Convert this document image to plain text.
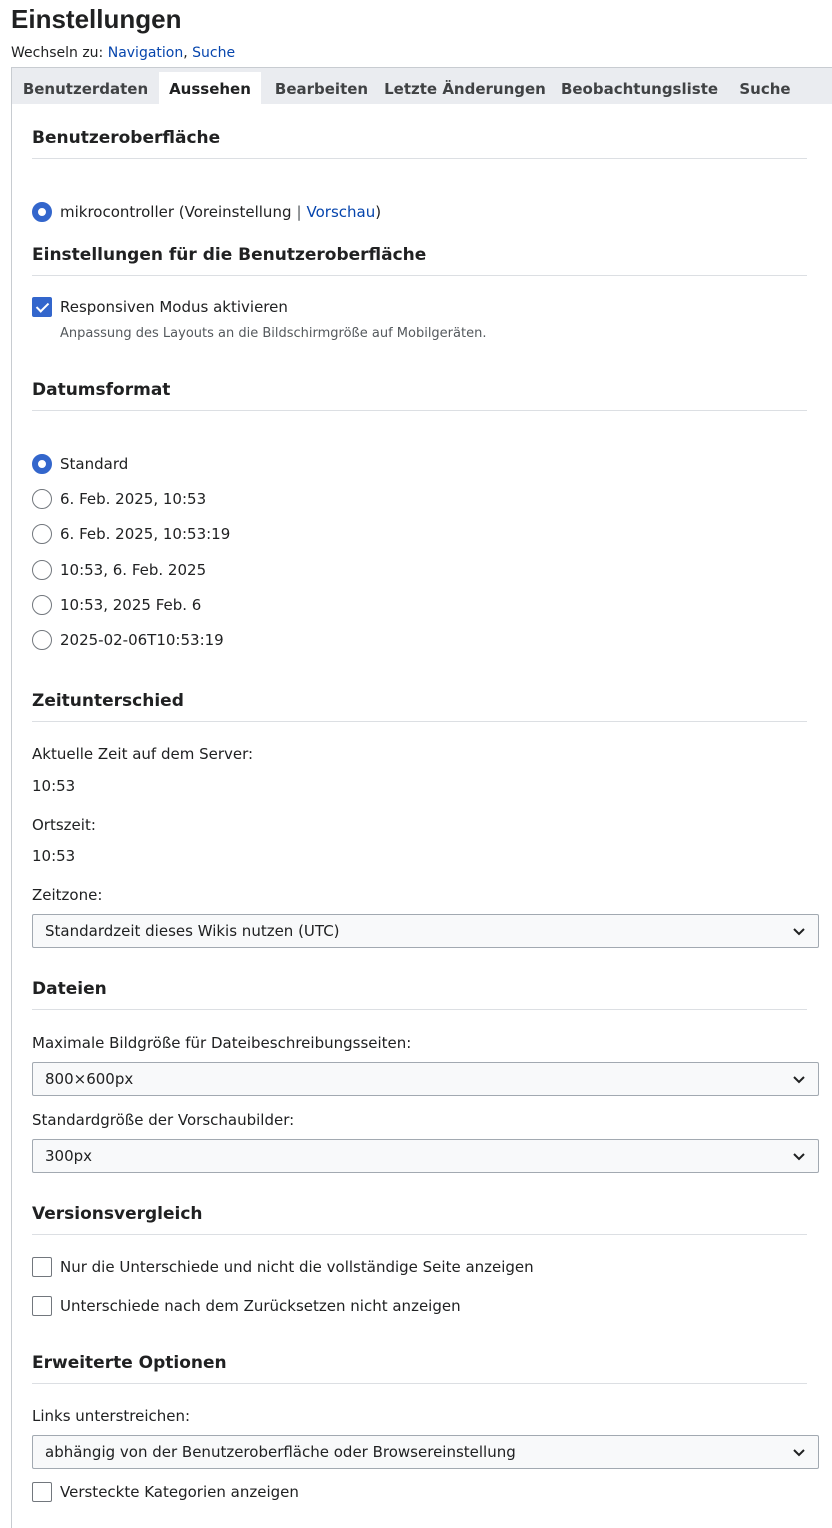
Einstellungen
Wechseln zu: Navigation, Suche
Benutzerdaten	Aussehen	Bearbeiten	Letzte Änderungen Beobachtungsliste	Suche
Benutzeroberfläche
mikrocontroller (Voreinstellung | Vorschau )
Einstellungen für die Benutzeroberfläche
Responsiven Modus aktivieren
Anpassung des Layouts an die Bildschirmgröße auf Mobilgeräten.
Datumsformat
Standard
6. Feb. 2025, 10:53
6. Feb. 2025, 10:53:19
10:53, 6. Feb. 2025
10:53, 2025 Feb. 6
2025-02-06T10:53:19
Zeitunterschied
Aktuelle Zeit auf dem Server:
10:53
Ortszeit:
10:53
Zeitzone:
Standardzeit dieses Wikis nutzen (UTC)
Dateien
Maximale Bildgröße für Dateibeschreibungsseiten:
800×600px
Standardgröße der Vorschaubilder:
300px
Versionsvergleich
Nur die Unterschiede und nicht die vollständige Seite anzeigen
Unterschiede nach dem Zurücksetzen nicht anzeigen
Erweiterte Optionen
Links unterstreichen:
abhängig von der Benutzeroberfläche oder Browsereinstellung
Versteckte Kategorien anzeigen
